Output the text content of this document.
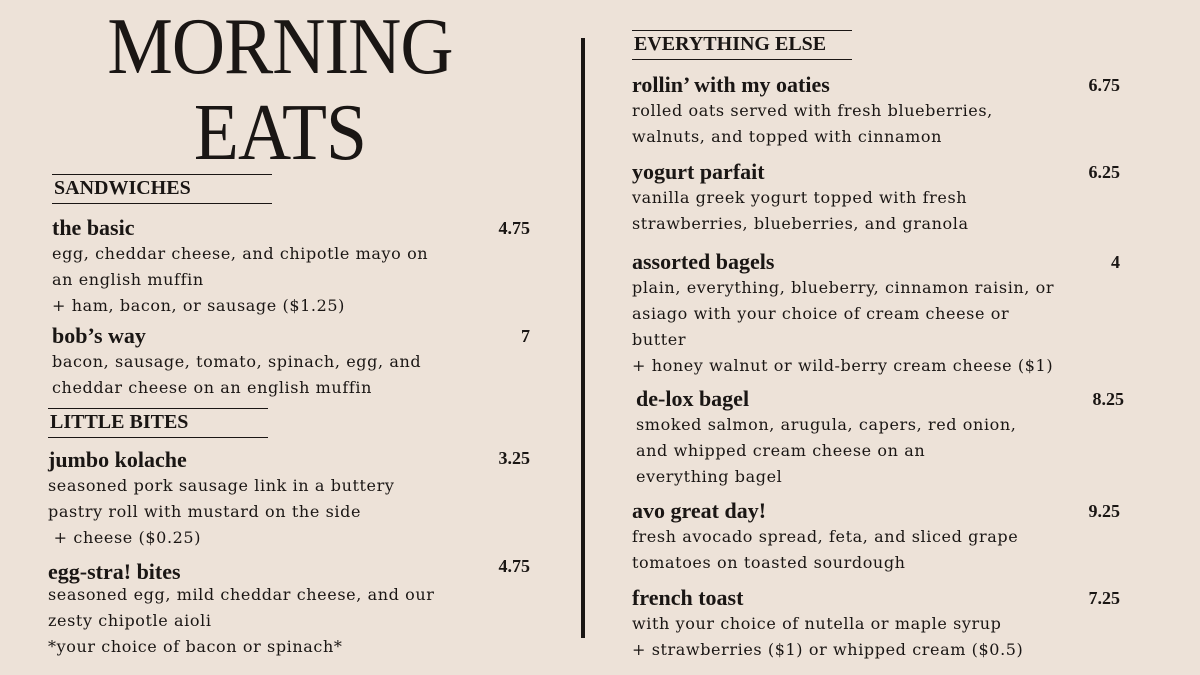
MORNING
EATS
SANDWICHES
the basic	4.75
egg, cheddar cheese, and chipotle mayo on
an english muffin
+ ham, bacon, or sausage ($1.25)
bob’s way	7
bacon, sausage, tomato, spinach, egg, and
cheddar cheese on an english muffin
LITTLE BITES
jumbo kolache	3.25
seasoned pork sausage link in a buttery
pastry roll with mustard on the side
+ cheese ($0.25)
egg-stra! bites	4.75
seasoned egg, mild cheddar cheese, and our
zesty chipotle aioli
*your choice of bacon or spinach*
EVERYTHING ELSE
rollin’ with my oaties	6.75
rolled oats served with fresh blueberries,
walnuts, and topped with cinnamon
yogurt parfait	6.25
vanilla greek yogurt topped with fresh
strawberries, blueberries, and granola
assorted bagels	4
plain, everything, blueberry, cinnamon raisin, or
asiago with your choice of cream cheese or
butter
+ honey walnut or wild-berry cream cheese ($1)
de-lox bagel	8.25
smoked salmon, arugula, capers, red onion,
and whipped cream cheese on an
everything bagel
avo great day!	9.25
fresh avocado spread, feta, and sliced grape
tomatoes on toasted sourdough
french toast	7.25
with your choice of nutella or maple syrup
+ strawberries ($1) or whipped cream ($0.5)
